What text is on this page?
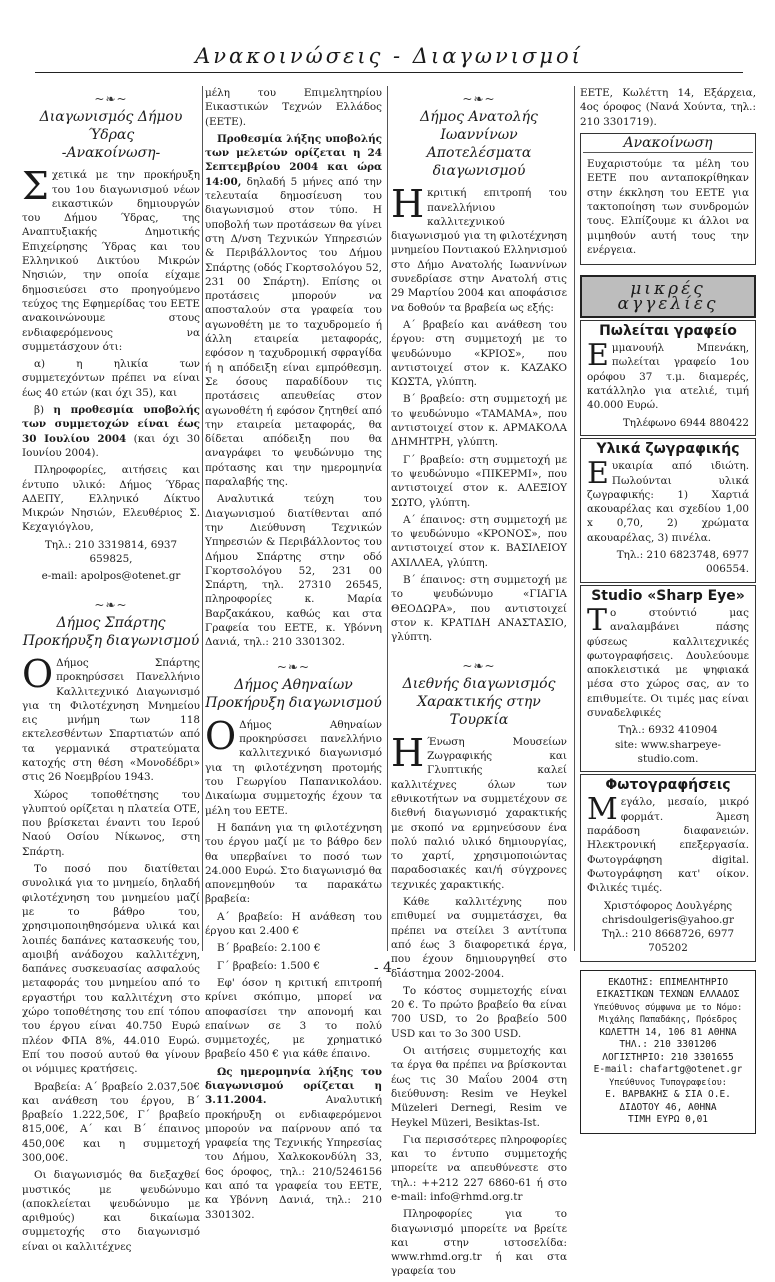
Ανακοινώσεις - Διαγωνισμοί
~❧~
Διαγωνισμός Δήμου Ύδρας
-Ανακοίνωση-

Σχετικά με την προκήρυξη του 1ου διαγωνισμού νέων εικαστικών δημιουργών του Δήμου Ύδρας, της Αναπτυξιακής Δημοτικής Επιχείρησης Ύδρας και του Ελληνικού Δικτύου Μικρών Νησιών, την οποία είχαμε δημοσιεύσει στο προηγούμενο τεύχος της Εφημερίδας του ΕΕΤΕ ανακοινώνουμε στους ενδιαφερόμενους να συμμετάσχουν ότι:

α) η ηλικία των συμμετεχόντων πρέπει να είναι έως 40 ετών (και όχι 35), και

β) η προθεσμία υποβολής των συμμετοχών είναι έως 30 Ιουλίου 2004 (και όχι 30 Ιουνίου 2004).

Πληροφορίες, αιτήσεις και έντυπο υλικό: Δήμος Ύδρας ΑΔΕΠΥ, Ελληνικό Δίκτυο Μικρών Νησιών, Ελευθέριος Σ. Κεχαγιόγλου,

Τηλ.: 210 3319814, 6937 659825,

e-mail: apolpos@otenet.gr

~❧~
Δήμος Σπάρτης
Προκήρυξη διαγωνισμού

Ο Δήμος Σπάρτης προκηρύσσει Πανελλήνιο Καλλιτεχνικό Διαγωνισμό για τη Φιλοτέχνηση Μνημείου εις μνήμη των 118 εκτελεσθέντων Σπαρτιατών από τα γερμανικά στρατεύματα κατοχής στη θέση «Μονοδέδρι» στις 26 Νοεμβρίου 1943.

Χώρος τοποθέτησης του γλυπτού ορίζεται η πλατεία ΟΤΕ, που βρίσκεται έναντι του Ιερού Ναού Οσίου Νίκωνος, στη Σπάρτη.

Το ποσό που διατίθεται συνολικά για το μνημείο, δηλαδή φιλοτέχνηση του μνημείου μαζί με το βάθρο του, χρησιμοποιηθησόμενα υλικά και λοιπές δαπάνες κατασκευής του, αμοιβή ανάδοχου καλλιτέχνη, δαπάνες συσκευασίας ασφαλούς μεταφοράς του μνημείου από το εργαστήρι του καλλιτέχνη στο χώρο τοποθέτησης του επί τόπου του έργου είναι 40.750 Ευρώ πλέον ΦΠΑ 8%, 44.010 Ευρώ. Επί του ποσού αυτού θα γίνουν οι νόμιμες κρατήσεις.

Βραβεία: Α΄ βραβείο 2.037,50€ και ανάθεση του έργου, Β΄ βραβείο 1.222,50€, Γ΄ βραβείο 815,00€, Α΄ και Β΄ έπαινος 450,00€ και η συμμετοχή 300,00€.

Οι διαγωνισμός θα διεξαχθεί μυστικός με ψευδώνυμο (αποκλείεται ψευδώνυμο με αριθμούς) και δικαίωμα συμμετοχής στο διαγωνισμό είναι οι καλλιτέχνες

μέλη του Επιμελητηρίου Εικαστικών Τεχνών Ελλάδος (ΕΕΤΕ).

Προθεσμία λήξης υποβολής των μελετών ορίζεται η 24 Σεπτεμβρίου 2004 και ώρα 14:00, δηλαδή 5 μήνες από την τελευταία δημοσίευση του διαγωνισμού στον τύπο. Η υποβολή των προτάσεων θα γίνει στη Δ/νση Τεχνικών Υπηρεσιών & Περιβάλλοντος του Δήμου Σπάρτης (οδός Γκορτσολόγου 52, 231 00 Σπάρτη). Επίσης οι προτάσεις μπορούν να αποσταλούν στα γραφεία του αγωνοθέτη με το ταχυδρομείο ή άλλη εταιρεία μεταφοράς, εφόσον η ταχυδρομική σφραγίδα ή η απόδειξη είναι εμπρόθεσμη. Σε όσους παραδίδουν τις προτάσεις απευθείας στον αγωνοθέτη ή εφόσον ζητηθεί από την εταιρεία μεταφοράς, θα δίδεται απόδειξη που θα αναγράφει το ψευδώνυμο της πρότασης και την ημερομηνία παραλαβής της.

Αναλυτικά τεύχη του Διαγωνισμού διατίθενται από την Διεύθυνση Τεχνικών Υπηρεσιών & Περιβάλλοντος του Δήμου Σπάρτης στην οδό Γκορτσολόγου 52, 231 00 Σπάρτη, τηλ. 27310 26545, πληροφορίες κ. Μαρία Βαρζακάκου, καθώς και στα Γραφεία του ΕΕΤΕ, κ. Υβόννη Δανιά, τηλ.: 210 3301302.

~❧~
Δήμος Αθηναίων
Προκήρυξη διαγωνισμού

Ο Δήμος Αθηναίων προκηρύσσει πανελλήνιο καλλιτεχνικό διαγωνισμό για τη φιλοτέχνηση προτομής του Γεωργίου Παπανικολάου. Δικαίωμα συμμετοχής έχουν τα μέλη του ΕΕΤΕ.

Η δαπάνη για τη φιλοτέχνηση του έργου μαζί με το βάθρο δεν θα υπερβαίνει το ποσό των 24.000 Ευρώ. Στο διαγωνισμό θα απονεμηθούν τα παρακάτω βραβεία:

Α΄ βραβείο: Η ανάθεση του έργου και 2.400 €

Β΄ βραβείο: 2.100 €

Γ΄ βραβείο: 1.500 €

Εφ' όσον η κριτική επιτροπή κρίνει σκόπιμο, μπορεί να αποφασίσει την απονομή και επαίνων σε 3 το πολύ συμμετοχές, με χρηματικό βραβείο 450 € για κάθε έπαινο.

Ως ημερομηνία λήξης του διαγωνισμού ορίζεται η 3.11.2004. Αναλυτική προκήρυξη οι ενδιαφερόμενοι μπορούν να παίρνουν από τα γραφεία της Τεχνικής Υπηρεσίας του Δήμου, Χαλκοκονδύλη 33, 6ος όροφος, τηλ.: 210/5246156 και από τα γραφεία του ΕΕΤΕ, κα Υβόννη Δανιά, τηλ.: 210 3301302.

~❧~
Δήμος Ανατολής Ιωαννίνων
Αποτελέσματα διαγωνισμού

Η κριτική επιτροπή του πανελλήνιου καλλιτεχνικού διαγωνισμού για τη φιλοτέχνηση μνημείου Ποντιακού Ελληνισμού στο Δήμο Ανατολής Ιωαννίνων συνεδρίασε στην Ανατολή στις 29 Μαρτίου 2004 και αποφάσισε να δοθούν τα βραβεία ως εξής:

Α΄ βραβείο και ανάθεση του έργου: στη συμμετοχή με το ψευδώνυμο «ΚΡΙΟΣ», που αντιστοιχεί στον κ. ΚΑΖΑΚΟ ΚΩΣΤΑ, γλύπτη.

Β΄ βραβείο: στη συμμετοχή με το ψευδώνυμο «ΤΑΜΑΜΑ», που αντιστοιχεί στον κ. ΑΡΜΑΚΟΛΑ ΔΗΜΗΤΡΗ, γλύπτη.

Γ΄ βραβείο: στη συμμετοχή με το ψευδώνυμο «ΠΙΚΕΡΜΙ», που αντιστοιχεί στον κ. ΑΛΕΞΙΟΥ ΣΩΤΟ, γλύπτη.

Α΄ έπαινος: στη συμμετοχή με το ψευδώνυμο «ΚΡΟΝΟΣ», που αντιστοιχεί στον κ. ΒΑΣΙΛΕΙΟΥ ΑΧΙΛΛΕΑ, γλύπτη.

Β΄ έπαινος: στη συμμετοχή με το ψευδώνυμο «ΓΙΑΓΙΑ ΘΕΟΔΩΡΑ», που αντιστοιχεί στον κ. ΚΡΑΤΙΔΗ ΑΝΑΣΤΑΣΙΟ, γλύπτη.

~❧~
Διεθνής διαγωνισμός
Χαρακτικής στην Τουρκία

Η Ένωση Μουσείων Ζωγραφικής και Γλυπτικής καλεί καλλιτέχνες όλων των εθνικοτήτων να συμμετέχουν σε διεθνή διαγωνισμό χαρακτικής με σκοπό να ερμηνεύσουν ένα πολύ παλιό υλικό δημιουργίας, το χαρτί, χρησιμοποιώντας παραδοσιακές και/ή σύγχρονες τεχνικές χαρακτικής.

Κάθε καλλιτέχνης που επιθυμεί να συμμετάσχει, θα πρέπει να στείλει 3 αντίτυπα από έως 3 διαφορετικά έργα, που έχουν δημιουργηθεί στο διάστημα 2002-2004.

Το κόστος συμμετοχής είναι 20 €. Το πρώτο βραβείο θα είναι 700 USD, το 2ο βραβείο 500 USD και το 3ο 300 USD.

Οι αιτήσεις συμμετοχής και τα έργα θα πρέπει να βρίσκονται έως τις 30 Μαΐου 2004 στη διεύθυνση: Resim ve Heykel Müzeleri Dernegi, Resim ve Heykel Müzeri, Besiktas-Ist.

Για περισσότερες πληροφορίες και το έντυπο συμμετοχής μπορείτε να απευθύνεστε στο τηλ.: ++212 227 6860-61 ή στο e-mail: info@rhmd.org.tr

Πληροφορίες για το διαγωνισμό μπορείτε να βρείτε και στην ιστοσελίδα: www.rhmd.org.tr ή και στα γραφεία του

ΕΕΤΕ, Κωλέττη 14, Εξάρχεια, 4ος όροφος (Νανά Χούντα, τηλ.: 210 3301719).

Ανακοίνωση

Ευχαριστούμε τα μέλη του ΕΕΤΕ που ανταποκρίθηκαν στην έκκληση του ΕΕΤΕ για τακτοποίηση των συνδρομών τους. Ελπίζουμε κι άλλοι να μιμηθούν αυτή τους την ενέργεια.

μικρές αγγελίες
Πωλείται γραφείο

Εμμανουήλ Μπενάκη, πωλείται γραφείο 1ου ορόφου 37 τ.μ. διαμερές, κατάλληλο για ατελιέ, τιμή 40.000 Ευρώ.

Τηλέφωνο 6944 880422
Υλικά ζωγραφικής

Ευκαιρία από ιδιώτη. Πωλούνται υλικά ζωγραφικής: 1) Χαρτιά ακουαρέλας και σχεδίου 1,00 x 0,70, 2) χρώματα ακουαρέλας, 3) πινέλα.

Τηλ.: 210 6823748, 6977 006554.
Studio «Sharp Eye»

Το στούντιό μας αναλαμβάνει πάσης φύσεως καλλιτεχνικές φωτογραφήσεις. Δουλεύουμε αποκλειστικά με ψηφιακά μέσα στο χώρος σας, αν το επιθυμείτε. Οι τιμές μας είναι συναδελφικές

Τηλ.: 6932 410904
site: www.sharpeye-studio.com.
Φωτογραφήσεις

Μεγάλο, μεσαίο, μικρό φορμάτ. Άμεση παράδοση διαφανειών. Ηλεκτρονική επεξεργασία. Φωτογράφηση digital. Φωτογράφηση κατ' οίκον. Φιλικές τιμές.

Χριστόφορος Δουλγέρης
chrisdoulgeris@yahoo.gr
Τηλ.: 210 8668726, 6977 705202
ΕΚΔΟΤΗΣ: ΕΠΙΜΕΛΗΤΗΡΙΟ
ΕΙΚΑΣΤΙΚΩΝ ΤΕΧΝΩΝ ΕΛΛΑΔΟΣ
Υπεύθυνος σύμφωνα με το Νόμο:
Μιχάλης Παπαδάκης, Πρόεδρος
ΚΩΛΕΤΤΗ 14, 106 81 ΑΘΗΝΑ
ΤΗΛ.: 210 3301206
ΛΟΓΙΣΤΗΡΙΟ: 210 3301655
E-mail: chafartg@otenet.gr
Υπεύθυνος Τυπογραφείου:
Ε. ΒΑΡΒΑΚΗΣ & ΣΙΑ Ο.Ε.
ΔΙΔΟΤΟΥ 46, ΑΘΗΝΑ
ΤΙΜΗ ΕΥΡΩ 0,01
- 4 -
